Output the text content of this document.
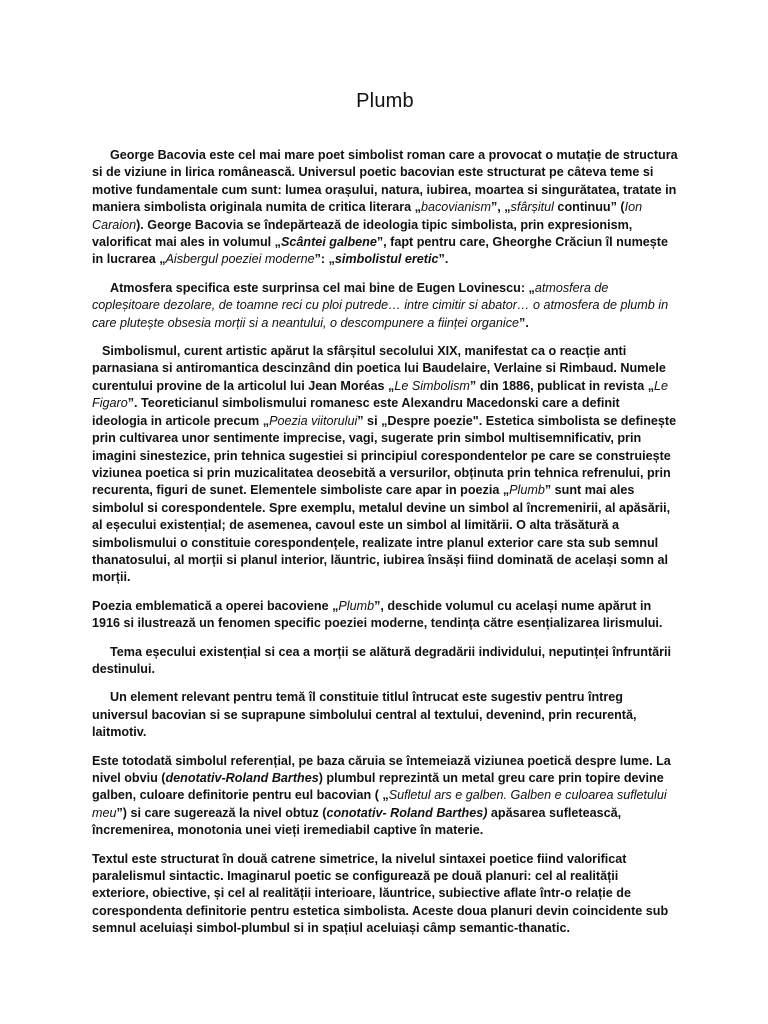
Plumb

George Bacovia este cel mai mare poet simbolist roman care a provocat o mutație de structura si de viziune in lirica românească. Universul poetic bacovian este structurat pe câteva teme si motive fundamentale cum sunt: lumea orașului, natura, iubirea, moartea si singurătatea, tratate in maniera simbolista originala numita de critica literara „bacovianism”, „sfârșitul continuu” (Ion Caraion). George Bacovia se îndepărtează de ideologia tipic simbolista, prin expresionism, valorificat mai ales in volumul „Scântei galbene”, fapt pentru care, Gheorghe Crăciun îl numește in lucrarea „Aisbergul poeziei moderne”: „simbolistul eretic”.

Atmosfera specifica este surprinsa cel mai bine de Eugen Lovinescu: „atmosfera de copleșitoare dezolare, de toamne reci cu ploi putrede… intre cimitir si abator… o atmosfera de plumb in care plutește obsesia morții si a neantului, o descompunere a ființei organice”.

Simbolismul, curent artistic apărut la sfârșitul secolului XIX, manifestat ca o reacție anti parnasiana si antiromantica descinzând din poetica lui Baudelaire, Verlaine si Rimbaud. Numele curentului provine de la articolul lui Jean Moréas „Le Simbolism” din 1886, publicat in revista „Le Figaro”. Teoreticianul simbolismului romanesc este Alexandru Macedonski care a definit ideologia in articole precum „Poezia viitorului” si „Despre poezie". Estetica simbolista se definește prin cultivarea unor sentimente imprecise, vagi, sugerate prin simbol multisemnificativ, prin imagini sinestezice, prin tehnica sugestiei si principiul corespondentelor pe care se construiește viziunea poetica si prin muzicalitatea deosebită a versurilor, obținuta prin tehnica refrenului, prin recurenta, figuri de sunet. Elementele simboliste care apar in poezia „Plumb” sunt mai ales simbolul si corespondentele. Spre exemplu, metalul devine un simbol al încremenirii, al apăsării, al eșecului existențial; de asemenea, cavoul este un simbol al limitării. O alta trăsătură a simbolismului o constituie corespondențele, realizate intre planul exterior care sta sub semnul thanatosului, al morții si planul interior, lăuntric, iubirea însăși fiind dominată de același somn al morții.

Poezia emblematică a operei bacoviene „Plumb”, deschide volumul cu același nume apărut in 1916 si ilustrează un fenomen specific poeziei moderne, tendința către esențializarea lirismului.

Tema eșecului existențial si cea a morții se alătură degradării individului, neputinței înfruntării destinului.

Un element relevant pentru temă îl constituie titlul întrucat este sugestiv pentru întreg universul bacovian si se suprapune simbolului central al textului, devenind, prin recurentă, laitmotiv.

Este totodată simbolul referențial, pe baza căruia se întemeiază viziunea poetică despre lume. La nivel obviu (denotativ-Roland Barthes) plumbul reprezintă un metal greu care prin topire devine galben, culoare definitorie pentru eul bacovian ( „Sufletul ars e galben. Galben e culoarea sufletului meu”) si care sugerează la nivel obtuz (conotativ- Roland Barthes) apăsarea sufletească, încremenirea, monotonia unei vieți iremediabil captive în materie.

Textul este structurat în două catrene simetrice, la nivelul sintaxei poetice fiind valorificat paralelismul sintactic. Imaginarul poetic se configurează pe două planuri: cel al realității exteriore, obiective, și cel al realității interioare, lăuntrice, subiective aflate într-o relație de corespondenta definitorie pentru estetica simbolista. Aceste doua planuri devin coincidente sub semnul aceluiași simbol-plumbul si in spațiul aceluiași câmp semantic-thanatic.
